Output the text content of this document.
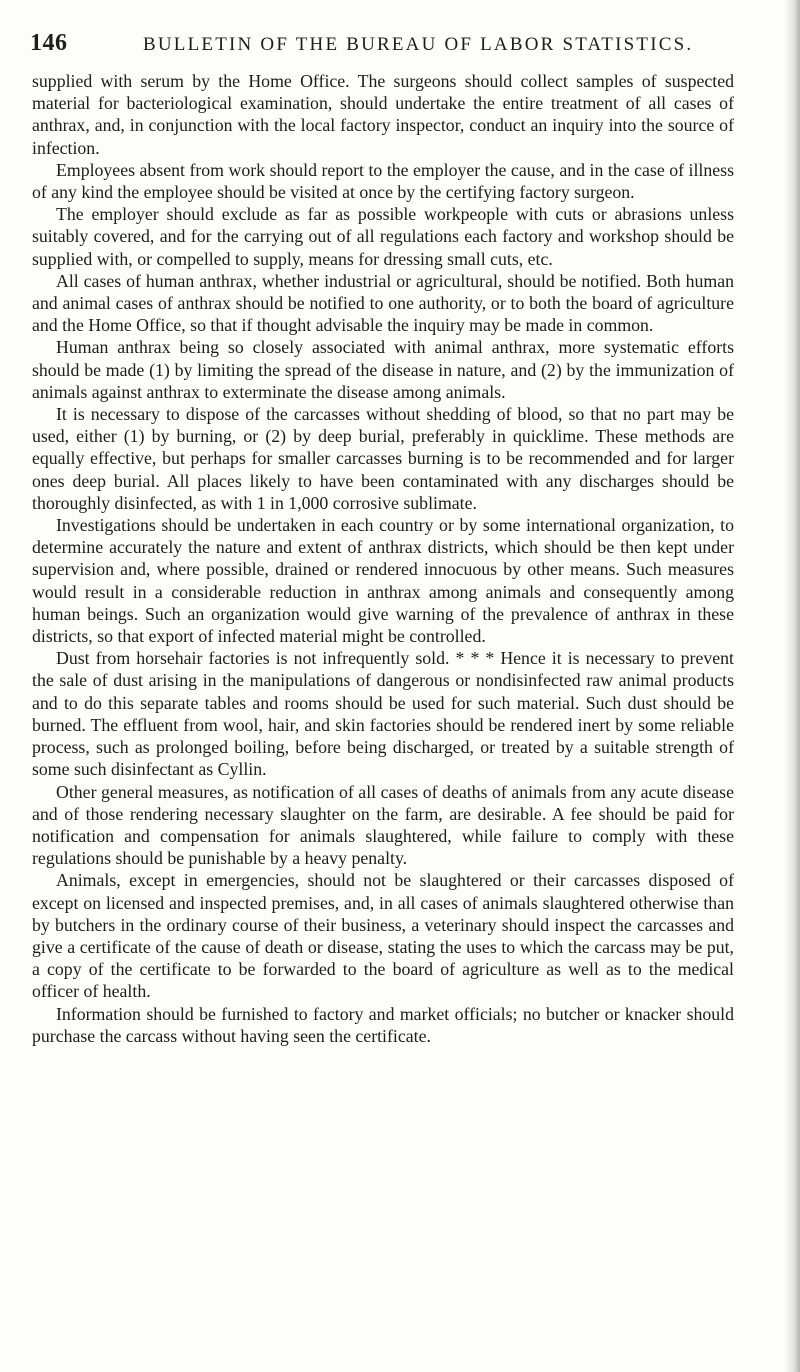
146	BULLETIN OF THE BUREAU OF LABOR STATISTICS.

supplied with serum by the Home Office. The surgeons should collect samples of suspected material for bacteriological examination, should undertake the entire treatment of all cases of anthrax, and, in conjunction with the local factory inspector, conduct an inquiry into the source of infection.

Employees absent from work should report to the employer the cause, and in the case of illness of any kind the employee should be visited at once by the certifying factory surgeon.

The employer should exclude as far as possible workpeople with cuts or abrasions unless suitably covered, and for the carrying out of all regulations each factory and workshop should be supplied with, or compelled to supply, means for dressing small cuts, etc.

All cases of human anthrax, whether industrial or agricultural, should be notified. Both human and animal cases of anthrax should be notified to one authority, or to both the board of agriculture and the Home Office, so that if thought advisable the inquiry may be made in common.

Human anthrax being so closely associated with animal anthrax, more systematic efforts should be made (1) by limiting the spread of the disease in nature, and (2) by the immunization of animals against anthrax to exterminate the disease among animals.

It is necessary to dispose of the carcasses without shedding of blood, so that no part may be used, either (1) by burning, or (2) by deep burial, preferably in quicklime. These methods are equally effective, but perhaps for smaller carcasses burning is to be recommended and for larger ones deep burial. All places likely to have been contaminated with any discharges should be thoroughly disinfected, as with 1 in 1,000 corrosive sublimate.

Investigations should be undertaken in each country or by some international organization, to determine accurately the nature and extent of anthrax districts, which should be then kept under supervision and, where possible, drained or rendered innocuous by other means. Such measures would result in a considerable reduction in anthrax among animals and consequently among human beings. Such an organization would give warning of the prevalence of anthrax in these districts, so that export of infected material might be controlled.

Dust from horsehair factories is not infrequently sold. * * * Hence it is necessary to prevent the sale of dust arising in the manipulations of dangerous or nondisinfected raw animal products and to do this separate tables and rooms should be used for such material. Such dust should be burned. The effluent from wool, hair, and skin factories should be rendered inert by some reliable process, such as prolonged boiling, before being discharged, or treated by a suitable strength of some such disinfectant as Cyllin.

Other general measures, as notification of all cases of deaths of animals from any acute disease and of those rendering necessary slaughter on the farm, are desirable. A fee should be paid for notification and compensation for animals slaughtered, while failure to comply with these regulations should be punishable by a heavy penalty.

Animals, except in emergencies, should not be slaughtered or their carcasses disposed of except on licensed and inspected premises, and, in all cases of animals slaughtered otherwise than by butchers in the ordinary course of their business, a veterinary should inspect the carcasses and give a certificate of the cause of death or disease, stating the uses to which the carcass may be put, a copy of the certificate to be forwarded to the board of agriculture as well as to the medical officer of health.

Information should be furnished to factory and market officials; no butcher or knacker should purchase the carcass without having seen the certificate.
